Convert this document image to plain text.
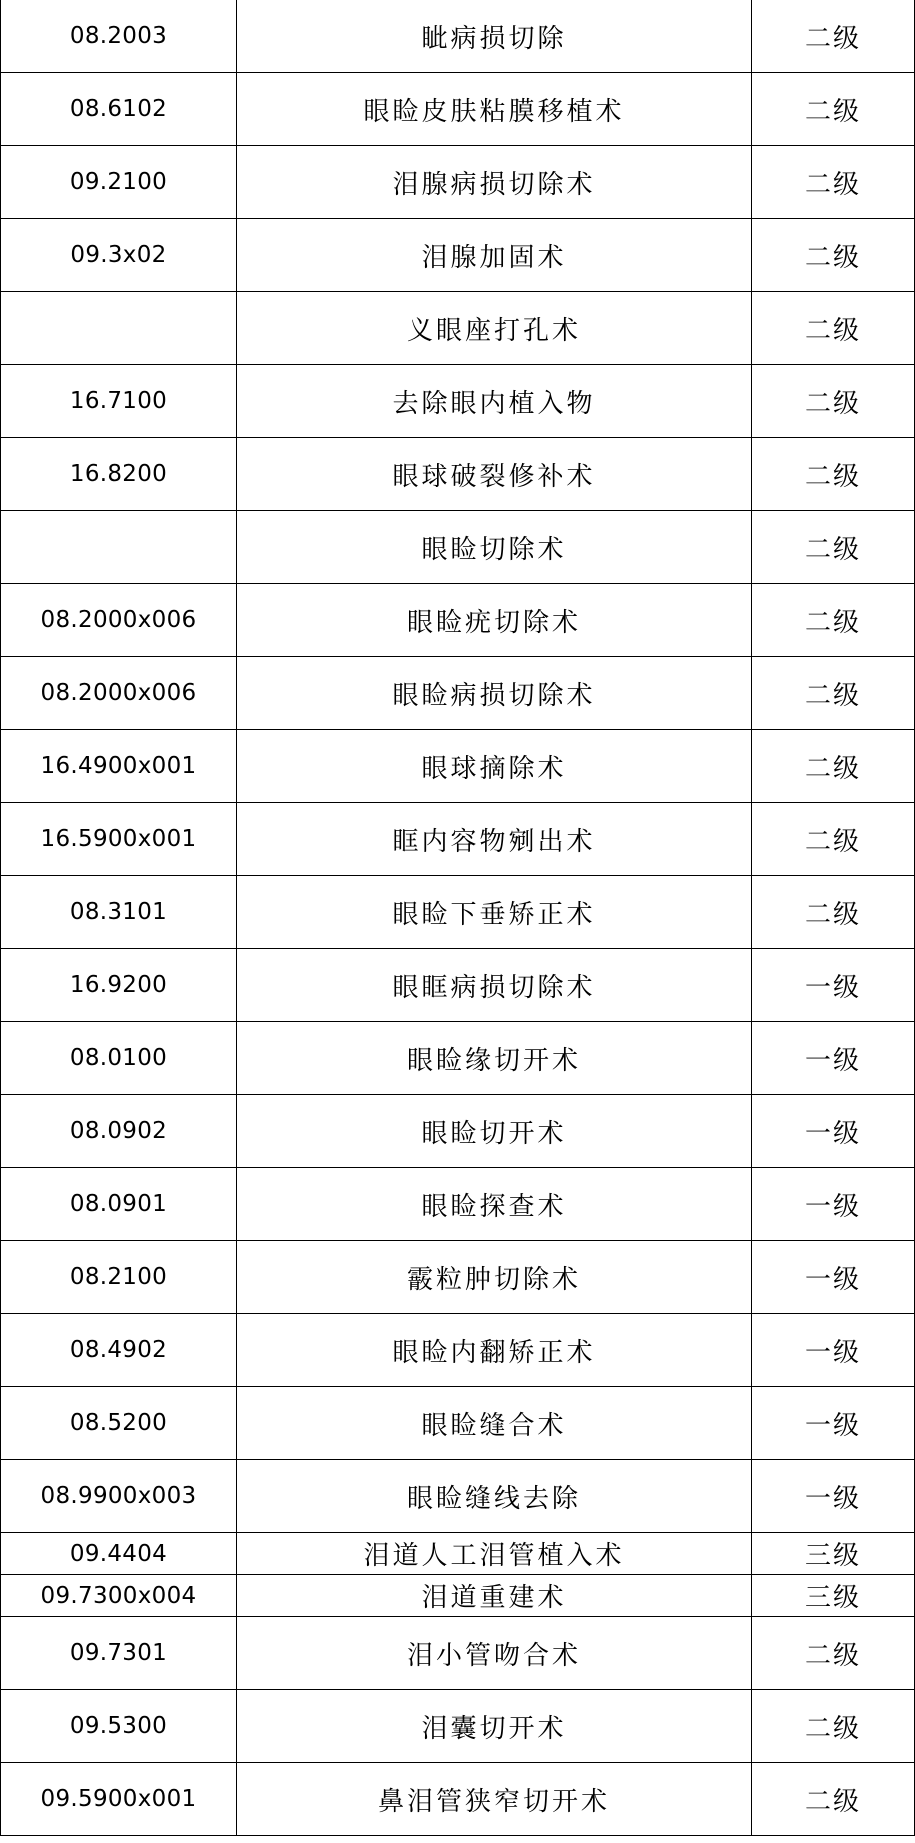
08.2003	眦病损切除	二级
08.6102	眼睑皮肤粘膜移植术	二级
09.2100	泪腺病损切除术	二级
09.3x02	泪腺加固术	二级
	义眼座打孔术	二级
16.7100	去除眼内植入物	二级
16.8200	眼球破裂修补术	二级
	眼睑切除术	二级
08.2000x006	眼睑疣切除术	二级
08.2000x006	眼睑病损切除术	二级
16.4900x001	眼球摘除术	二级
16.5900x001	眶内容物剜出术	二级
08.3101	眼睑下垂矫正术	二级
16.9200	眼眶病损切除术	一级
08.0100	眼睑缘切开术	一级
08.0902	眼睑切开术	一级
08.0901	眼睑探查术	一级
08.2100	霰粒肿切除术	一级
08.4902	眼睑内翻矫正术	一级
08.5200	眼睑缝合术	一级
08.9900x003	眼睑缝线去除	一级
09.4404	泪道人工泪管植入术	三级
09.7300x004	泪道重建术	三级
09.7301	泪小管吻合术	二级
09.5300	泪囊切开术	二级
09.5900x001	鼻泪管狭窄切开术	二级
